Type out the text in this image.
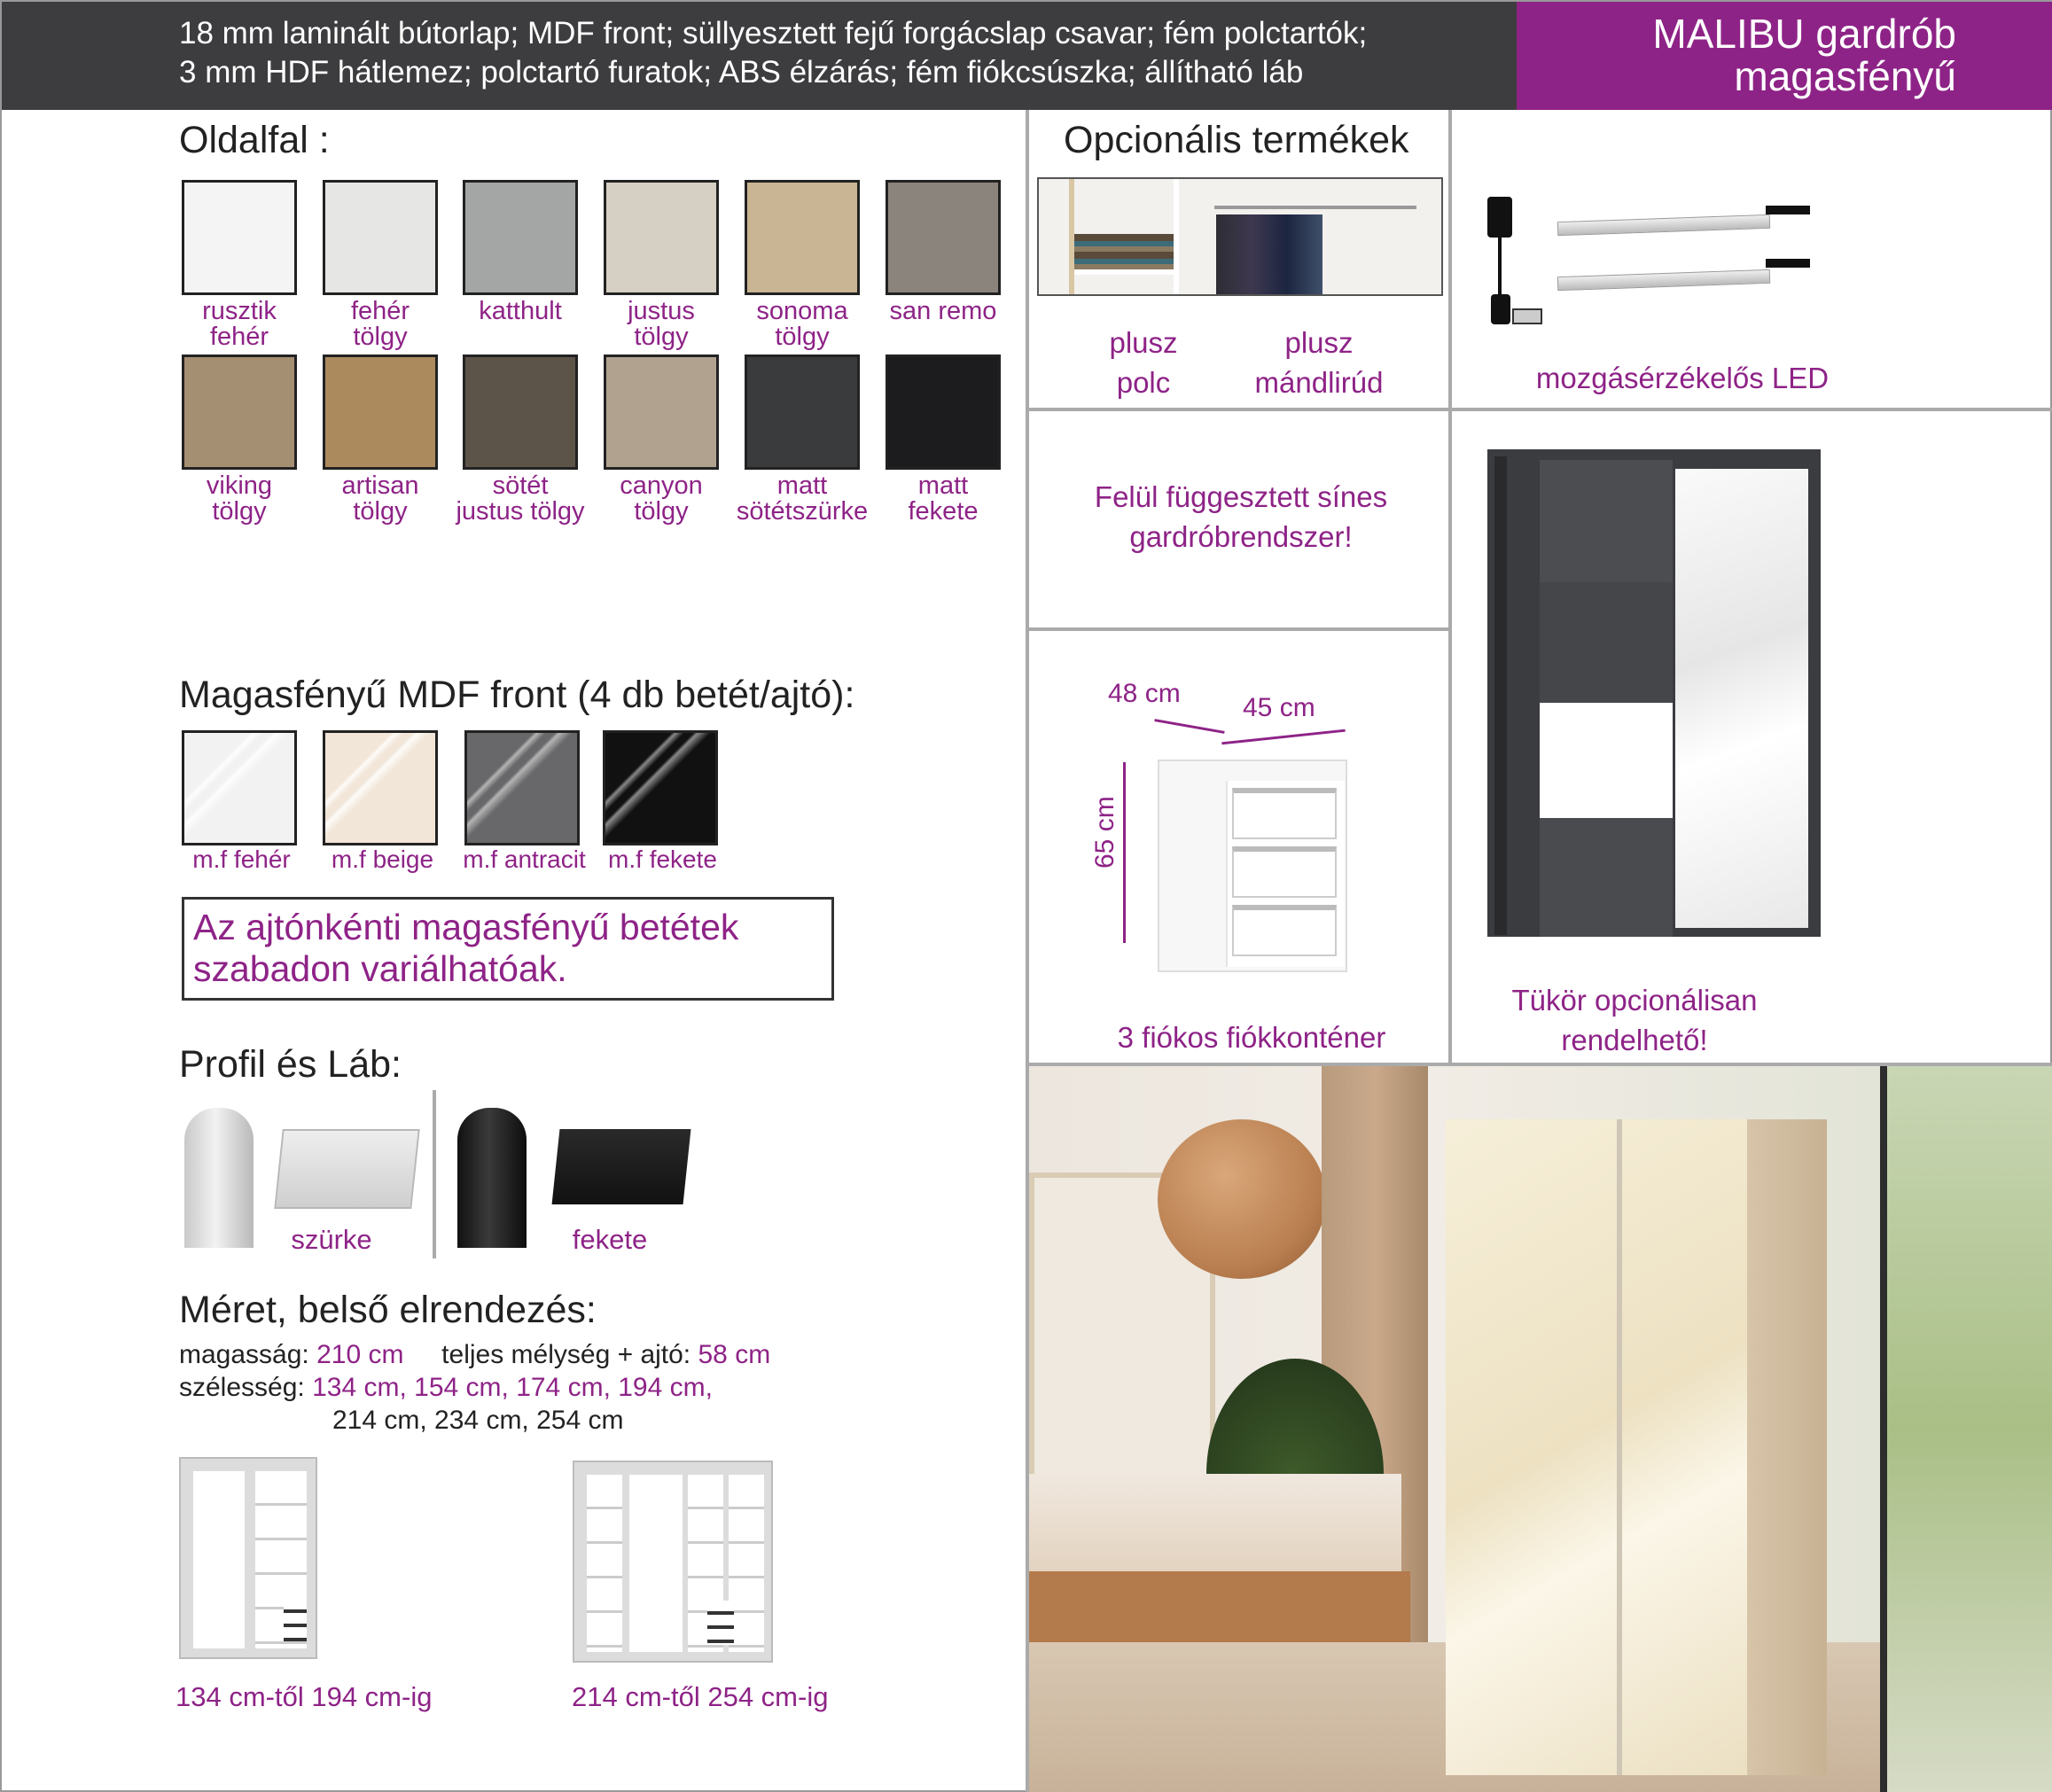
18 mm laminált bútorlap; MDF front; süllyesztett fejű forgácslap csavar; fém polctartók;
3 mm HDF hátlemez; polctartó furatok; ABS élzárás; fém fiókcsúszka; állítható láb
MALIBU gardrób
magasfényű
Oldalfal :
rusztik
fehér
fehér
tölgy
katthult	justus
tölgy
sonoma
tölgy
san remo
viking
tölgy
artisan
tölgy
sötét
justus tölgy
canyon
tölgy
matt
sötétszürke
matt
fekete
Magasfényű MDF front (4 db betét/ajtó):
m.f fehér	m.f beige	m.f antracit m.f fekete
Az ajtónkénti magasfényű betétek
szabadon variálhatóak.
Profil és Láb:
szürke	fekete
Méret, belső elrendezés:
magasság: 210 cm teljes mélység + ajtó: 58 cm
szélesség: 134 cm, 154 cm, 174 cm, 194 cm,
214 cm, 234 cm, 254 cm
134 cm-től 194 cm-ig	214 cm-től 254 cm-ig
Opcionális termékek
plusz
polc
plusz
mándlirúd	mozgásérzékelős LED
Felül függesztett sínes
gardróbrendszer!
48 cm 45 cm
65 cm
3 fiókos fiókkonténer
Tükör opcionálisan
rendelhető!
